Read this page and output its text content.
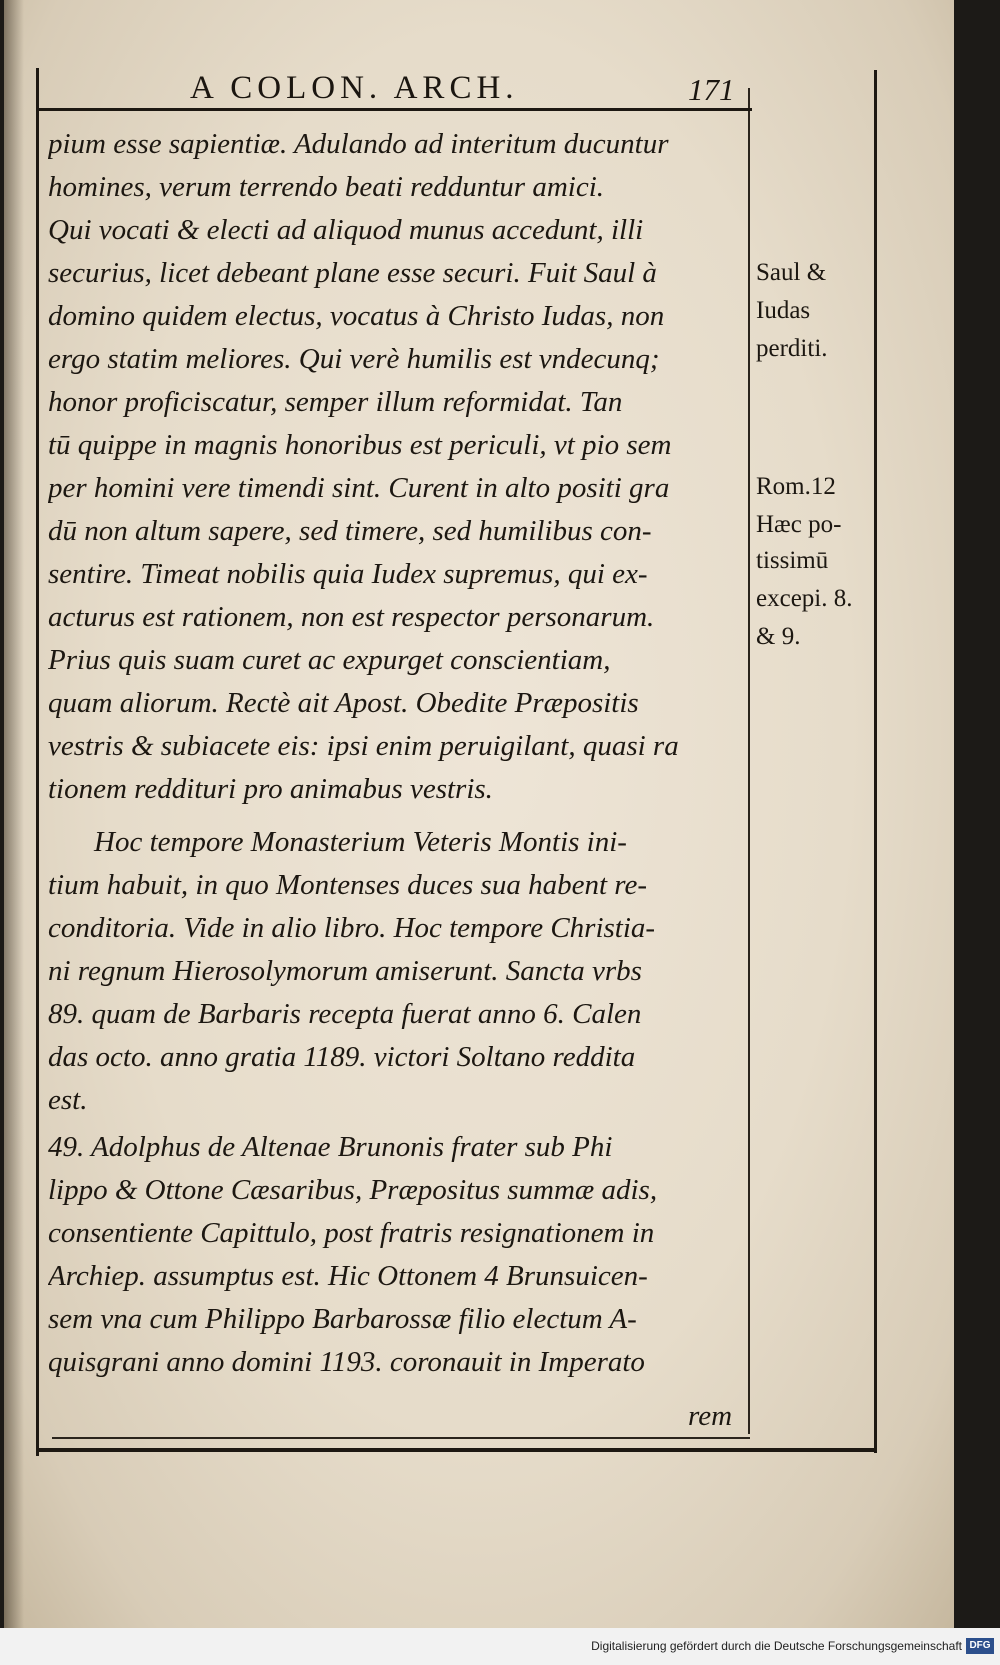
A COLON. ARCH.	171
pium esse sapientiæ. Adulando ad interitum ducuntur
homines, verum terrendo beati redduntur amici.
Qui vocati & electi ad aliquod munus accedunt, illi
securius, licet debeant plane esse securi. Fuit Saul à
domino quidem electus, vocatus à Christo Iudas, non
ergo statim meliores. Qui verè humilis est vndecunq;
honor proficiscatur, semper illum reformidat. Tan
tū quippe in magnis honoribus est periculi, vt pio sem
per homini vere timendi sint. Curent in alto positi gra
dū non altum sapere, sed timere, sed humilibus con-
sentire. Timeat nobilis quia Iudex supremus, qui ex-
acturus est rationem, non est respector personarum.
Prius quis suam curet ac expurget conscientiam,
quam aliorum. Rectè ait Apost. Obedite Præpositis
vestris & subiacete eis: ipsi enim peruigilant, quasi ra
tionem reddituri pro animabus vestris.
Hoc tempore Monasterium Veteris Montis ini-
tium habuit, in quo Montenses duces sua habent re-
conditoria. Vide in alio libro. Hoc tempore Christia-
ni regnum Hierosolymorum amiserunt. Sancta vrbs
89. quam de Barbaris recepta fuerat anno 6. Calen
das octo. anno gratia 1189. victori Soltano reddita
est.
49. Adolphus de Altenae Brunonis frater sub Phi
lippo & Ottone Cæsaribus, Præpositus summæ adis,
consentiente Capittulo, post fratris resignationem in
Archiep. assumptus est. Hic Ottonem 4 Brunsuicen-
sem vna cum Philippo Barbarossæ filio electum A-
quisgrani anno domini 1193. coronauit in Imperato
rem
Saul &
Iudas
perditi.
Rom.12
Hæc po-
tissimū
excepi. 8.
& 9.
Digitalisierung gefördert durch die Deutsche Forschungsgemeinschaft DFG
